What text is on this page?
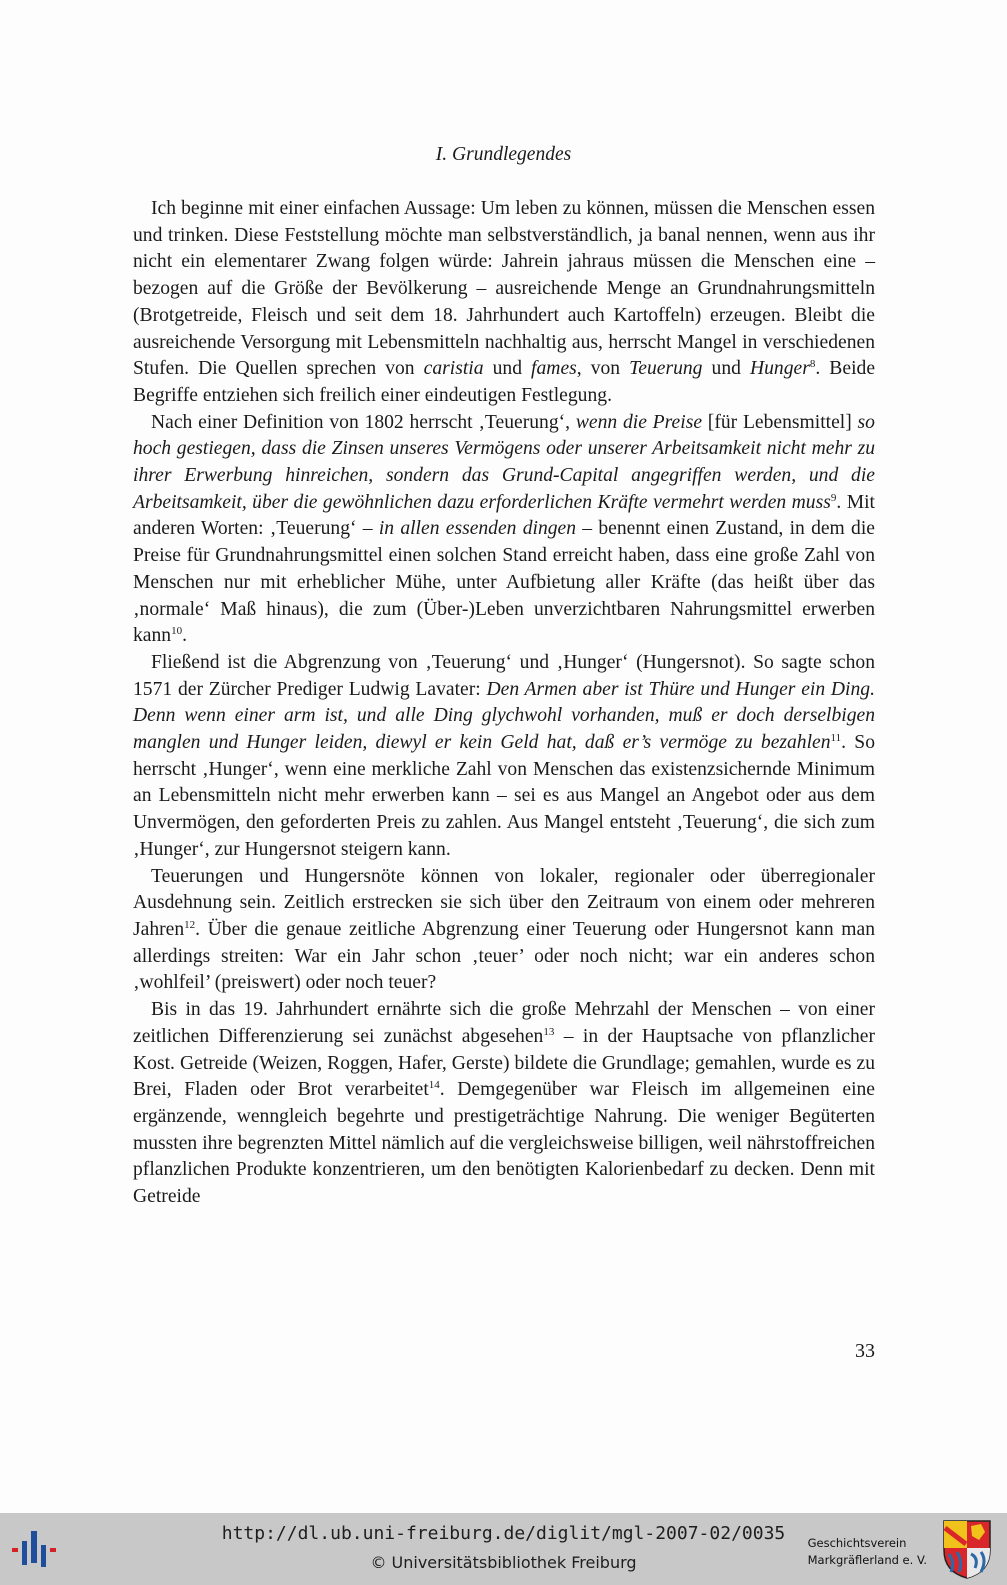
I. Grundlegendes

Ich beginne mit einer einfachen Aussage: Um leben zu können, müssen die Menschen essen und trinken. Diese Feststellung möchte man selbstverständlich, ja banal nennen, wenn aus ihr nicht ein elementarer Zwang folgen würde: Jahrein jahraus müssen die Menschen eine – bezogen auf die Größe der Bevölkerung – ausreichende Menge an Grundnahrungsmitteln (Brotgetreide, Fleisch und seit dem 18. Jahrhundert auch Kartoffeln) erzeugen. Bleibt die ausreichende Versorgung mit Lebensmitteln nachhaltig aus, herrscht Mangel in verschiedenen Stufen. Die Quellen sprechen von caristia und fames, von Teuerung und Hunger$^8$. Beide Begriffe entziehen sich freilich einer eindeutigen Festlegung.

Nach einer Definition von 1802 herrscht ‚Teuerung‘, wenn die Preise [für Lebensmittel] so hoch gestiegen, dass die Zinsen unseres Vermögens oder unserer Arbeitsamkeit nicht mehr zu ihrer Erwerbung hinreichen, sondern das Grund-Capital angegriffen werden, und die Arbeitsamkeit, über die gewöhnlichen dazu erforderlichen Kräfte vermehrt werden muss$^9$. Mit anderen Worten: ‚Teuerung‘ – in allen essenden dingen – benennt einen Zustand, in dem die Preise für Grundnahrungsmittel einen solchen Stand erreicht haben, dass eine große Zahl von Menschen nur mit erheblicher Mühe, unter Aufbietung aller Kräfte (das heißt über das ‚normale‘ Maß hinaus), die zum (Über-)Leben unverzichtbaren Nahrungsmittel erwerben kann$^{10}$.

Fließend ist die Abgrenzung von ‚Teuerung‘ und ‚Hunger‘ (Hungersnot). So sagte schon 1571 der Zürcher Prediger Ludwig Lavater: Den Armen aber ist Thüre und Hunger ein Ding. Denn wenn einer arm ist, und alle Ding glychwohl vorhanden, muß er doch derselbigen manglen und Hunger leiden, diewyl er kein Geld hat, daß er’s vermöge zu bezahlen$^{11}$. So herrscht ‚Hunger‘, wenn eine merkliche Zahl von Menschen das existenzsichernde Minimum an Lebensmitteln nicht mehr erwerben kann – sei es aus Mangel an Angebot oder aus dem Unvermögen, den geforderten Preis zu zahlen. Aus Mangel entsteht ‚Teuerung‘, die sich zum ‚Hunger‘, zur Hungersnot steigern kann.

Teuerungen und Hungersnöte können von lokaler, regionaler oder überregionaler Ausdehnung sein. Zeitlich erstrecken sie sich über den Zeitraum von einem oder mehreren Jahren$^{12}$. Über die genaue zeitliche Abgrenzung einer Teuerung oder Hungersnot kann man allerdings streiten: War ein Jahr schon ‚teuer’ oder noch nicht; war ein anderes schon ‚wohlfeil’ (preiswert) oder noch teuer?

Bis in das 19. Jahrhundert ernährte sich die große Mehrzahl der Menschen – von einer zeitlichen Differenzierung sei zunächst abgesehen$^{13}$ – in der Hauptsache von pflanzlicher Kost. Getreide (Weizen, Roggen, Hafer, Gerste) bildete die Grundlage; gemahlen, wurde es zu Brei, Fladen oder Brot verarbeitet$^{14}$. Demgegenüber war Fleisch im allgemeinen eine ergänzende, wenngleich begehrte und prestigeträchtige Nahrung. Die weniger Begüterten mussten ihre begrenzten Mittel nämlich auf die vergleichsweise billigen, weil nährstoffreichen pflanzlichen Produkte konzentrieren, um den benötigten Kalorienbedarf zu decken. Denn mit Getreide

33
http://dl.ub.uni-freiburg.de/diglit/mgl-2007-02/0035
© Universitätsbibliothek Freiburg
Geschichtsverein
Markgräflerland e. V.
